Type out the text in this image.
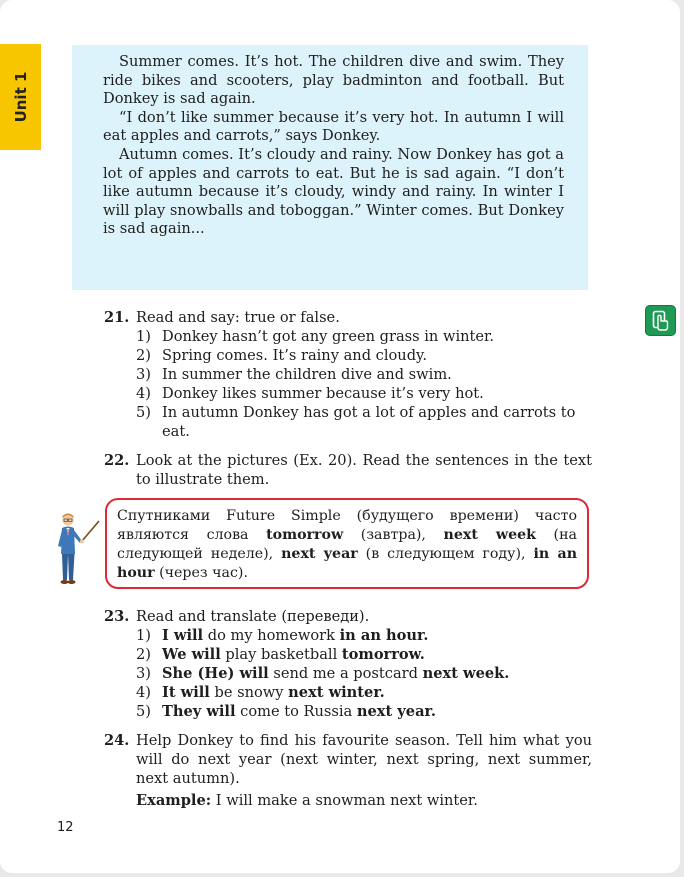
Unit 1

Summer comes. It’s hot. The children dive and swim. They ride bikes and scooters, play badminton and football. But Donkey is sad again.

“I don’t like summer because it’s very hot. In autumn I will eat apples and carrots,” says Donkey.

Autumn comes. It’s cloudy and rainy. Now Donkey has got a lot of apples and carrots to eat. But he is sad again. “I don’t like autumn because it’s cloudy, windy and rainy. In winter I will play snowballs and toboggan.” Winter comes. But Donkey is sad again...

21. Read and say: true or false.
1) Donkey hasn’t got any green grass in winter.
2) Spring comes. It’s rainy and cloudy.
3) In summer the children dive and swim.
4) Donkey likes summer because it’s very hot.
5) In autumn Donkey has got a lot of apples and carrots to eat.
22. Look at the pictures (Ex. 20). Read the sentences in the text to illustrate them.
Спутниками Future Simple (будущего времени) часто являются слова tomorrow (завтра), next week (на следующей неделе), next year (в следующем году), in an hour (через час).
23. Read and translate (переведи).
1) I will do my homework in an hour.
2) We will play basketball tomorrow.
3) She (He) will send me a postcard next week.
4) It will be snowy next winter.
5) They will come to Russia next year.
24. Help Donkey to find his favourite season. Tell him what you will do next year (next winter, next spring, next summer, next autumn).
Example: I will make a snowman next winter.
12
